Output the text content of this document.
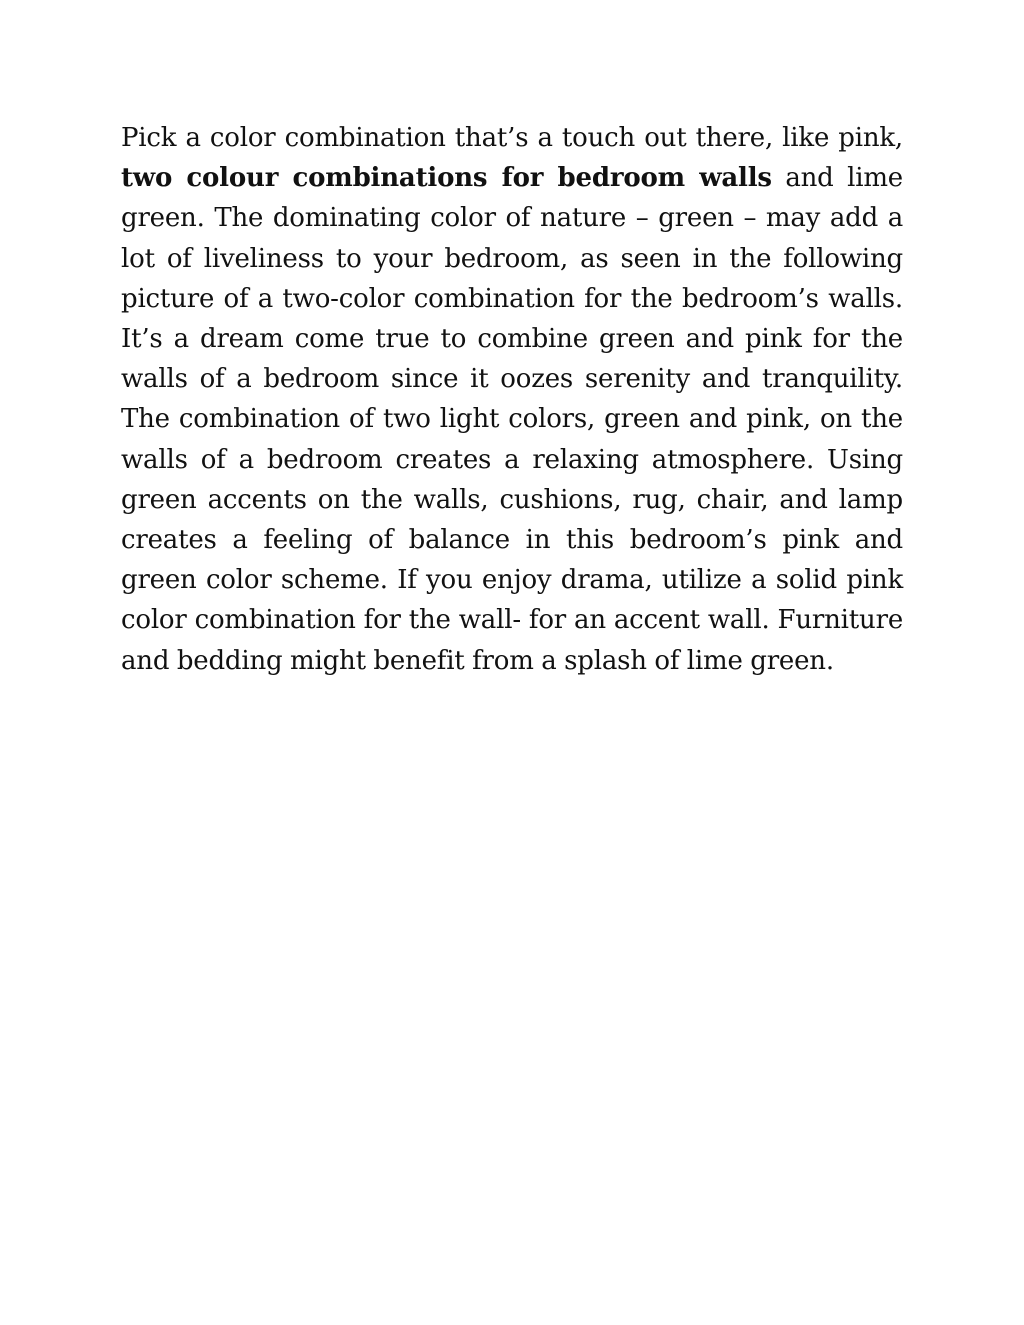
Pick a color combination that’s a touch out there, like pink, two colour combinations for bedroom walls and lime green. The dominating color of nature – green – may add a lot of liveliness to your bedroom, as seen in the following picture of a two-color combination for the bedroom’s walls. It’s a dream come true to combine green and pink for the walls of a bedroom since it oozes serenity and tranquility. The combination of two light colors, green and pink, on the walls of a bedroom creates a relaxing atmosphere. Using green accents on the walls, cushions, rug, chair, and lamp creates a feeling of balance in this bedroom’s pink and green color scheme. If you enjoy drama, utilize a solid pink color combination for the wall- for an accent wall. Furniture and bedding might benefit from a splash of lime green.
